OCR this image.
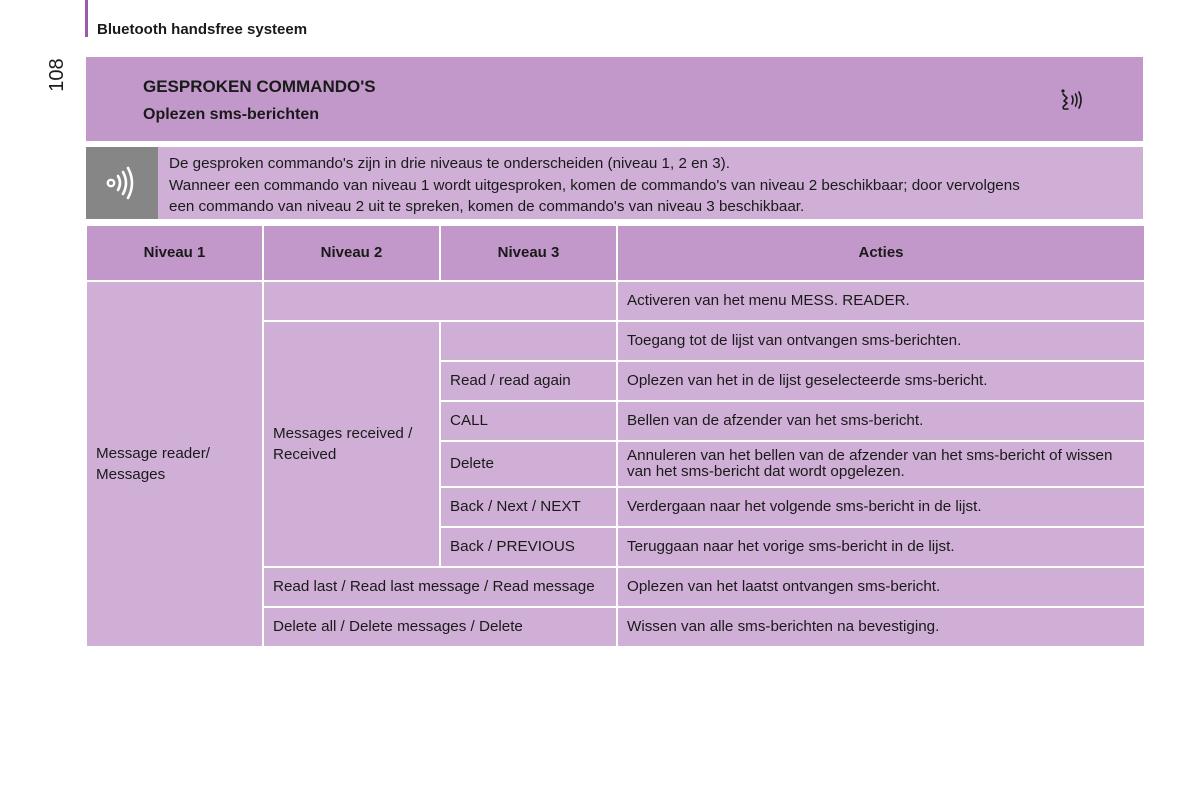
Bluetooth handsfree systeem
108	GESPROKEN COMMANDO'S
Oplezen sms-berichten
De gesproken commando's zijn in drie niveaus te onderscheiden (niveau 1, 2 en 3).
Wanneer een commando van niveau 1 wordt uitgesproken, komen de commando's van niveau 2 beschikbaar; door vervolgens
een commando van niveau 2 uit te spreken, komen de commando's van niveau 3 beschikbaar.
Niveau 1	Niveau 2	Niveau 3	Acties
Message reader/
Messages			Activeren van het menu MESS. READER.
	Messages received /
Received		Toegang tot de lijst van ontvangen sms-berichten.
		Read / read again	Oplezen van het in de lijst geselecteerde sms-bericht.
		CALL	Bellen van de afzender van het sms-bericht.
		Delete	Annuleren van het bellen van de afzender van het sms-bericht of wissen van het sms-bericht dat wordt opgelezen.
		Back / Next / NEXT	Verdergaan naar het volgende sms-bericht in de lijst.
		Back / PREVIOUS	Teruggaan naar het vorige sms-bericht in de lijst.
	Read last / Read last message / Read message		Oplezen van het laatst ontvangen sms-bericht.
	Delete all / Delete messages / Delete		Wissen van alle sms-berichten na bevestiging.
